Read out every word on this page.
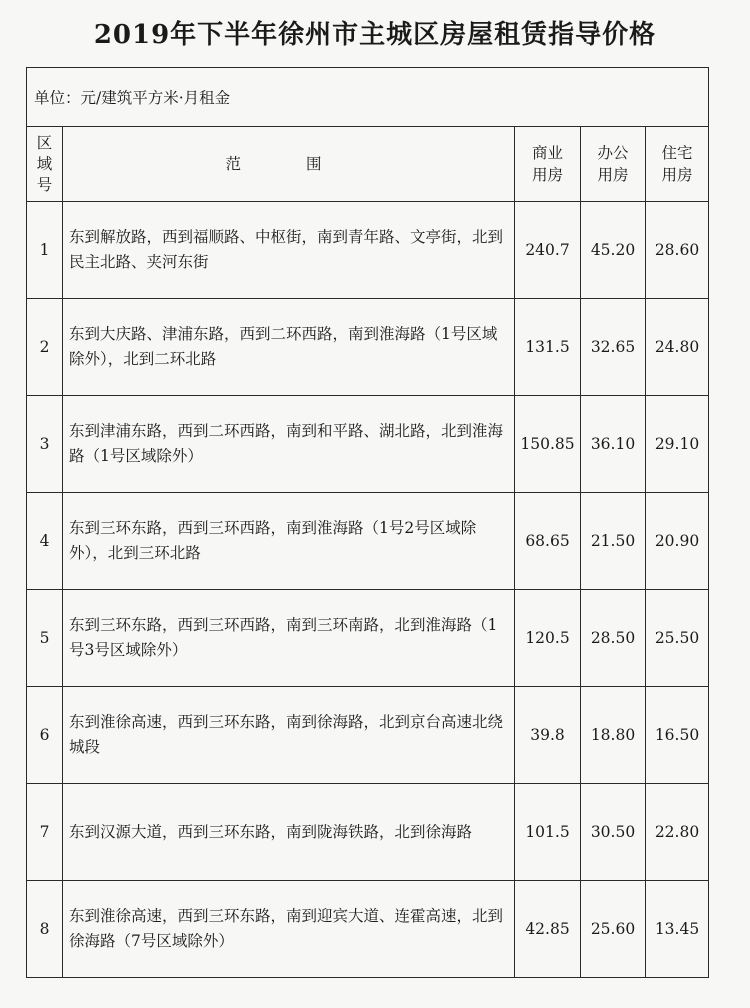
2019年下半年徐州市主城区房屋租赁指导价格
单位：元/建筑平方米·月租金				
区域号	范 围	商业用房	办公用房	住宅用房
1	东到解放路，西到福顺路、中枢街，南到青年路、文亭街，北到民主北路、夹河东街	240.7	45.20	28.60
2	东到大庆路、津浦东路，西到二环西路，南到淮海路（1号区域除外），北到二环北路	131.5	32.65	24.80
3	东到津浦东路，西到二环西路，南到和平路、湖北路，北到淮海路（1号区域除外）	150.85	36.10	29.10
4	东到三环东路，西到三环西路，南到淮海路（1号2号区域除外），北到三环北路	68.65	21.50	20.90
5	东到三环东路，西到三环西路，南到三环南路，北到淮海路（1号3号区域除外）	120.5	28.50	25.50
6	东到淮徐高速，西到三环东路，南到徐海路，北到京台高速北绕城段	39.8	18.80	16.50
7	东到汉源大道，西到三环东路，南到陇海铁路，北到徐海路	101.5	30.50	22.80
8	东到淮徐高速，西到三环东路，南到迎宾大道、连霍高速，北到徐海路（7号区域除外）	42.85	25.60	13.45
